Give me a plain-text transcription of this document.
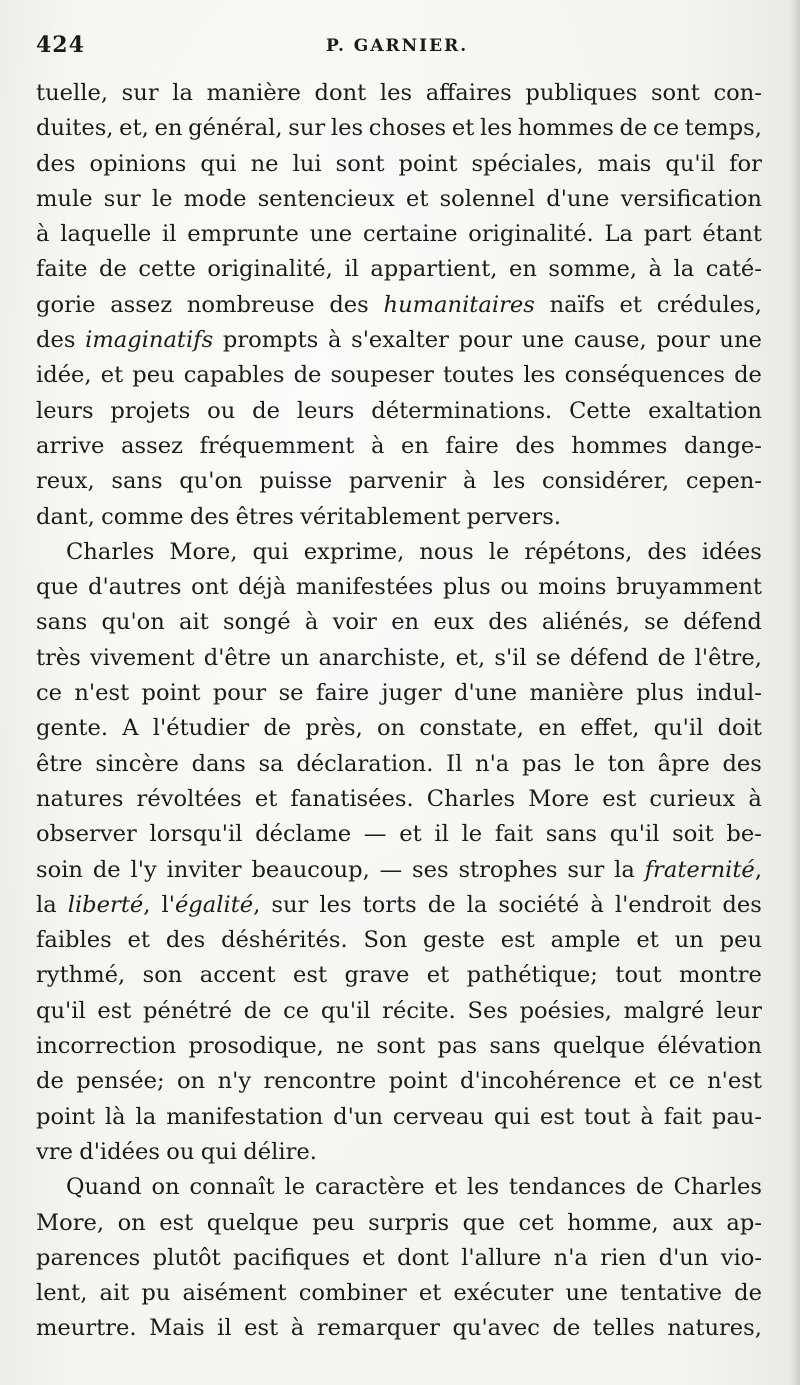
424	P. GARNIER.
tuelle, sur la manière dont les affaires publiques sont con-
duites, et, en général, sur les choses et les hommes de ce temps,
des opinions qui ne lui sont point spéciales, mais qu'il for
mule sur le mode sentencieux et solennel d'une versification
à laquelle il emprunte une certaine originalité. La part étant
faite de cette originalité, il appartient, en somme, à la caté-
gorie assez nombreuse des humanitaires naïfs et crédules,
des imaginatifs prompts à s'exalter pour une cause, pour une
idée, et peu capables de soupeser toutes les conséquences de
leurs projets ou de leurs déterminations. Cette exaltation
arrive assez fréquemment à en faire des hommes dange-
reux, sans qu'on puisse parvenir à les considérer, cepen-
dant, comme des êtres véritablement pervers.
Charles More, qui exprime, nous le répétons, des idées
que d'autres ont déjà manifestées plus ou moins bruyamment
sans qu'on ait songé à voir en eux des aliénés, se défend
très vivement d'être un anarchiste, et, s'il se défend de l'être,
ce n'est point pour se faire juger d'une manière plus indul-
gente. A l'étudier de près, on constate, en effet, qu'il doit
être sincère dans sa déclaration. Il n'a pas le ton âpre des
natures révoltées et fanatisées. Charles More est curieux à
observer lorsqu'il déclame — et il le fait sans qu'il soit be-
soin de l'y inviter beaucoup, — ses strophes sur la fraternité,
la liberté, l'égalité, sur les torts de la société à l'endroit des
faibles et des déshérités. Son geste est ample et un peu
rythmé, son accent est grave et pathétique; tout montre
qu'il est pénétré de ce qu'il récite. Ses poésies, malgré leur
incorrection prosodique, ne sont pas sans quelque élévation
de pensée; on n'y rencontre point d'incohérence et ce n'est
point là la manifestation d'un cerveau qui est tout à fait pau-
vre d'idées ou qui délire.
Quand on connaît le caractère et les tendances de Charles
More, on est quelque peu surpris que cet homme, aux ap-
parences plutôt pacifiques et dont l'allure n'a rien d'un vio-
lent, ait pu aisément combiner et exécuter une tentative de
meurtre. Mais il est à remarquer qu'avec de telles natures,
